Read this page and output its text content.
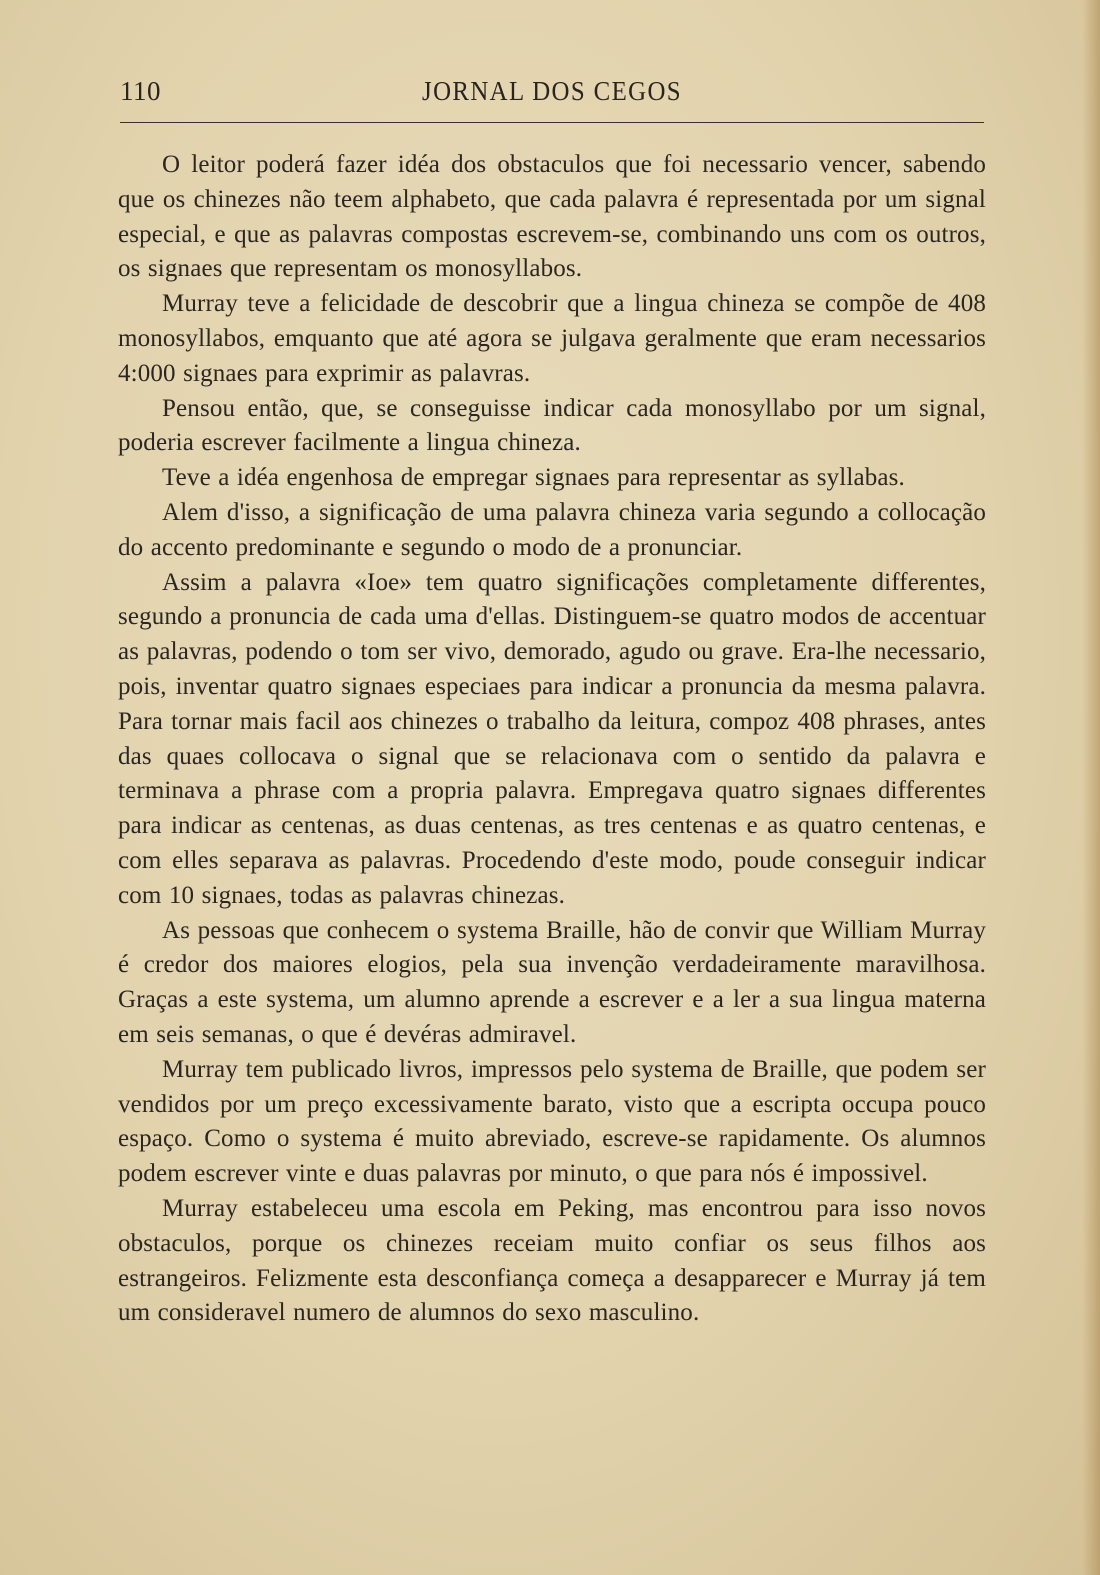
110	JORNAL DOS CEGOS

O leitor poderá fazer idéa dos obstaculos que foi necessario vencer, sabendo que os chinezes não teem alphabeto, que cada palavra é representada por um signal especial, e que as palavras compostas escrevem-se, combinando uns com os outros, os signaes que representam os monosyllabos.

Murray teve a felicidade de descobrir que a lingua chineza se compõe de 408 monosyllabos, emquanto que até agora se julgava geralmente que eram necessarios 4:000 signaes para exprimir as palavras.

Pensou então, que, se conseguisse indicar cada monosyllabo por um signal, poderia escrever facilmente a lingua chineza.

Teve a idéa engenhosa de empregar signaes para representar as syllabas.

Alem d'isso, a significação de uma palavra chineza varia segundo a collocação do accento predominante e segundo o modo de a pronunciar.

Assim a palavra «Ioe» tem quatro significações completamente differentes, segundo a pronuncia de cada uma d'ellas. Distinguem-se quatro modos de accentuar as palavras, podendo o tom ser vivo, demorado, agudo ou grave. Era-lhe necessario, pois, inventar quatro signaes especiaes para indicar a pronuncia da mesma palavra. Para tornar mais facil aos chinezes o trabalho da leitura, compoz 408 phrases, antes das quaes collocava o signal que se relacionava com o sentido da palavra e terminava a phrase com a propria palavra. Empregava quatro signaes differentes para indicar as centenas, as duas centenas, as tres centenas e as quatro centenas, e com elles separava as palavras. Procedendo d'este modo, poude conseguir indicar com 10 signaes, todas as palavras chinezas.

As pessoas que conhecem o systema Braille, hão de convir que William Murray é credor dos maiores elogios, pela sua invenção verdadeiramente maravilhosa. Graças a este systema, um alumno aprende a escrever e a ler a sua lingua materna em seis semanas, o que é devéras admiravel.

Murray tem publicado livros, impressos pelo systema de Braille, que podem ser vendidos por um preço excessivamente barato, visto que a escripta occupa pouco espaço. Como o systema é muito abreviado, escreve-se rapidamente. Os alumnos podem escrever vinte e duas palavras por minuto, o que para nós é impossivel.

Murray estabeleceu uma escola em Peking, mas encontrou para isso novos obstaculos, porque os chinezes receiam muito confiar os seus filhos aos estrangeiros. Felizmente esta desconfiança começa a desapparecer e Murray já tem um consideravel numero de alumnos do sexo masculino.
